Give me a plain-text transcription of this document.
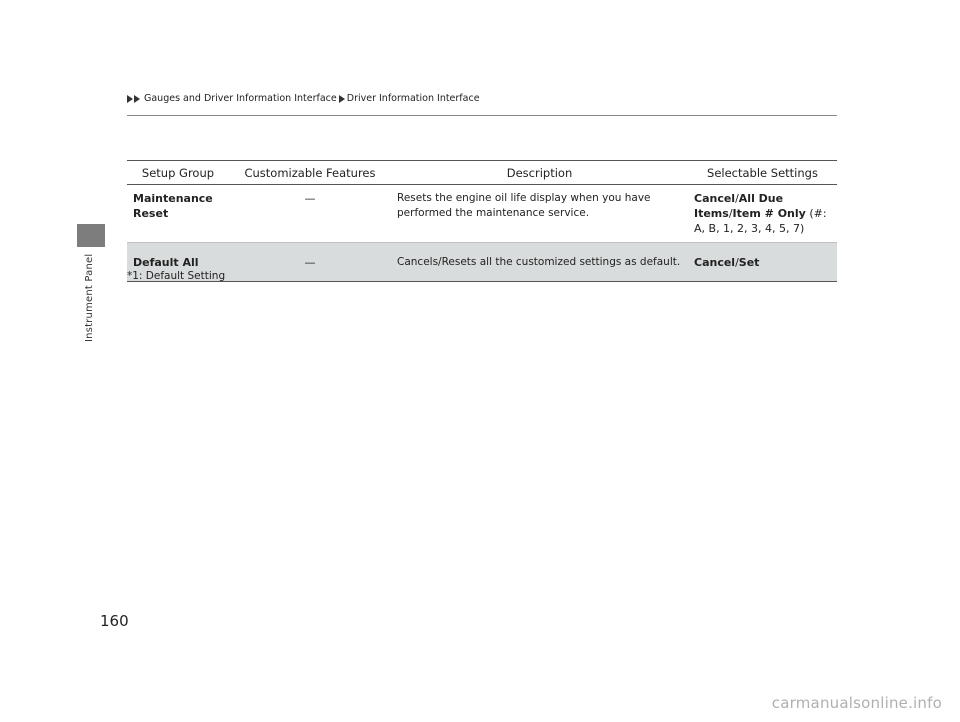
Instrument Panel
Gauges and Driver Information Interface Driver Information Interface
Setup Group	Customizable Features	Description	Selectable Settings
Maintenance Reset	—	Resets the engine oil life display when you have performed the maintenance service.	Cancel/All Due Items/Item # Only (#: A, B, 1, 2, 3, 4, 5, 7)
Default All	—	Cancels/Resets all the customized settings as default.	Cancel/Set
*1: Default Setting
160
carmanualsonline.info
